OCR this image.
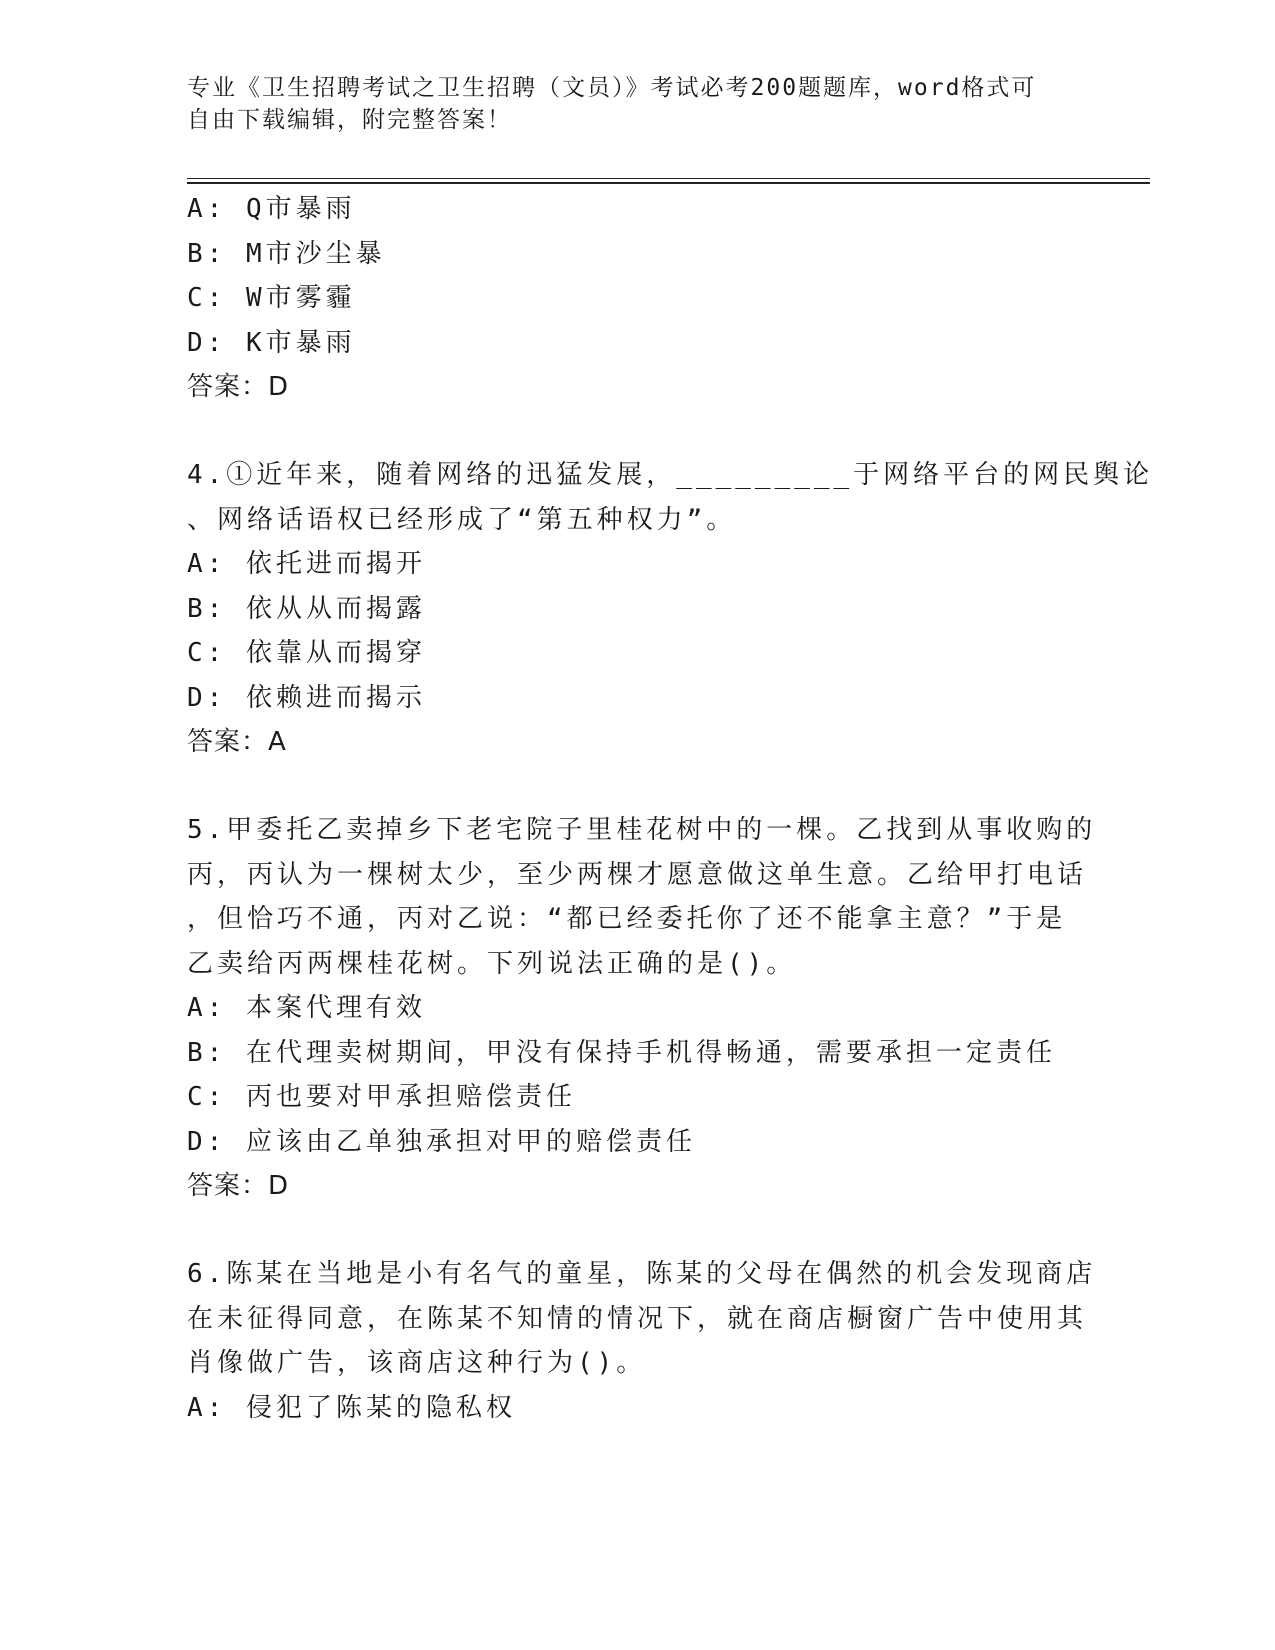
专业《卫生招聘考试之卫生招聘（文员）》考试必考200题题库，word格式可自由下载编辑，附完整答案！
A: Q市暴雨
B: M市沙尘暴
C: W市雾霾
D: K市暴雨
答案：D
4.①近年来，随着网络的迅猛发展，_________于网络平台的网民舆论
、网络话语权已经形成了“第五种权力”。
A: 依托进而揭开
B: 依从从而揭露
C: 依靠从而揭穿
D: 依赖进而揭示
答案：A
5.甲委托乙卖掉乡下老宅院子里桂花树中的一棵。乙找到从事收购的
丙，丙认为一棵树太少，至少两棵才愿意做这单生意。乙给甲打电话
，但恰巧不通，丙对乙说：“都已经委托你了还不能拿主意？”于是
乙卖给丙两棵桂花树。下列说法正确的是()。
A: 本案代理有效
B: 在代理卖树期间，甲没有保持手机得畅通，需要承担一定责任
C: 丙也要对甲承担赔偿责任
D: 应该由乙单独承担对甲的赔偿责任
答案：D
6.陈某在当地是小有名气的童星，陈某的父母在偶然的机会发现商店
在未征得同意，在陈某不知情的情况下，就在商店橱窗广告中使用其
肖像做广告，该商店这种行为()。
A: 侵犯了陈某的隐私权
